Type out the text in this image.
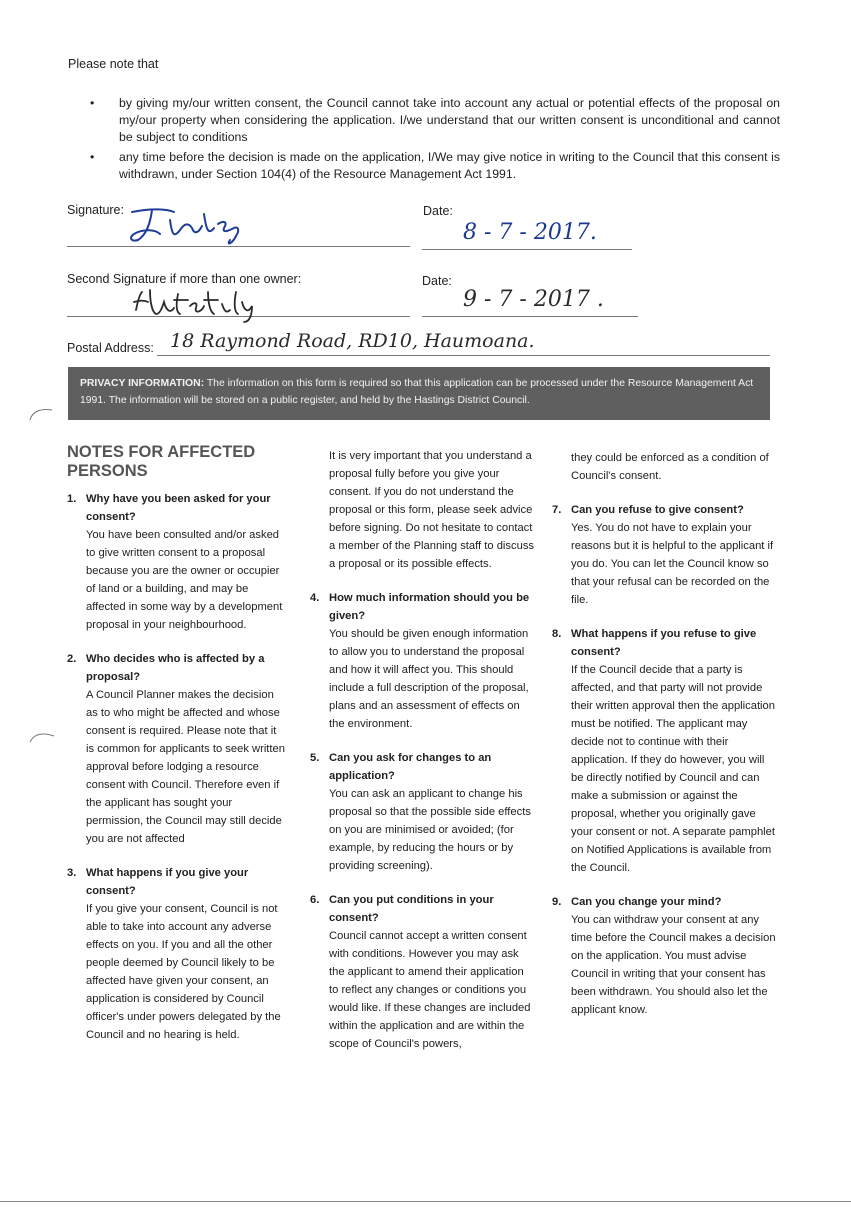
Please note that
• by giving my/our written consent, the Council cannot take into account any actual or potential effects of the proposal on my/our property when considering the application. I/we understand that our written consent is unconditional and cannot be subject to conditions
• any time before the decision is made on the application, I/We may give notice in writing to the Council that this consent is withdrawn, under Section 104(4) of the Resource Management Act 1991.
Signature:	Date:
8 - 7 - 2017.
Second Signature if more than one owner:	Date:
9 - 7 - 2017 .
Postal Address: 18 Raymond Road, RD10, Haumoana.
PRIVACY INFORMATION: The information on this form is required so that this application can be processed under the Resource Management Act 1991. The information will be stored on a public register, and held by the Hastings District Council.
NOTES FOR AFFECTED
PERSONS

1. Why have you been asked for your consent?

You have been consulted and/or asked to give written consent to a proposal because you are the owner or occupier of land or a building, and may be affected in some way by a development proposal in your neighbourhood.

2. Who decides who is affected by a proposal?

A Council Planner makes the decision as to who might be affected and whose consent is required. Please note that it is common for applicants to seek written approval before lodging a resource consent with Council. Therefore even if the applicant has sought your permission, the Council may still decide you are not affected

3. What happens if you give your consent?

If you give your consent, Council is not able to take into account any adverse effects on you. If you and all the other people deemed by Council likely to be affected have given your consent, an application is considered by Council officer's under powers delegated by the Council and no hearing is held.

It is very important that you understand a proposal fully before you give your consent. If you do not understand the proposal or this form, please seek advice before signing. Do not hesitate to contact a member of the Planning staff to discuss a proposal or its possible effects.

4. How much information should you be given?

You should be given enough information to allow you to understand the proposal and how it will affect you. This should include a full description of the proposal, plans and an assessment of effects on the environment.

5. Can you ask for changes to an application?

You can ask an applicant to change his proposal so that the possible side effects on you are minimised or avoided; (for example, by reducing the hours or by providing screening).

6. Can you put conditions in your consent?

Council cannot accept a written consent with conditions. However you may ask the applicant to amend their application to reflect any changes or conditions you would like. If these changes are included within the application and are within the scope of Council's powers,

they could be enforced as a condition of Council's consent.

7. Can you refuse to give consent?

Yes. You do not have to explain your reasons but it is helpful to the applicant if you do. You can let the Council know so that your refusal can be recorded on the file.

8. What happens if you refuse to give consent?

If the Council decide that a party is affected, and that party will not provide their written approval then the application must be notified. The applicant may decide not to continue with their application. If they do however, you will be directly notified by Council and can make a submission or against the proposal, whether you originally gave your consent or not. A separate pamphlet on Notified Applications is available from the Council.

9. Can you change your mind?

You can withdraw your consent at any time before the Council makes a decision on the application. You must advise Council in writing that your consent has been withdrawn. You should also let the applicant know.
